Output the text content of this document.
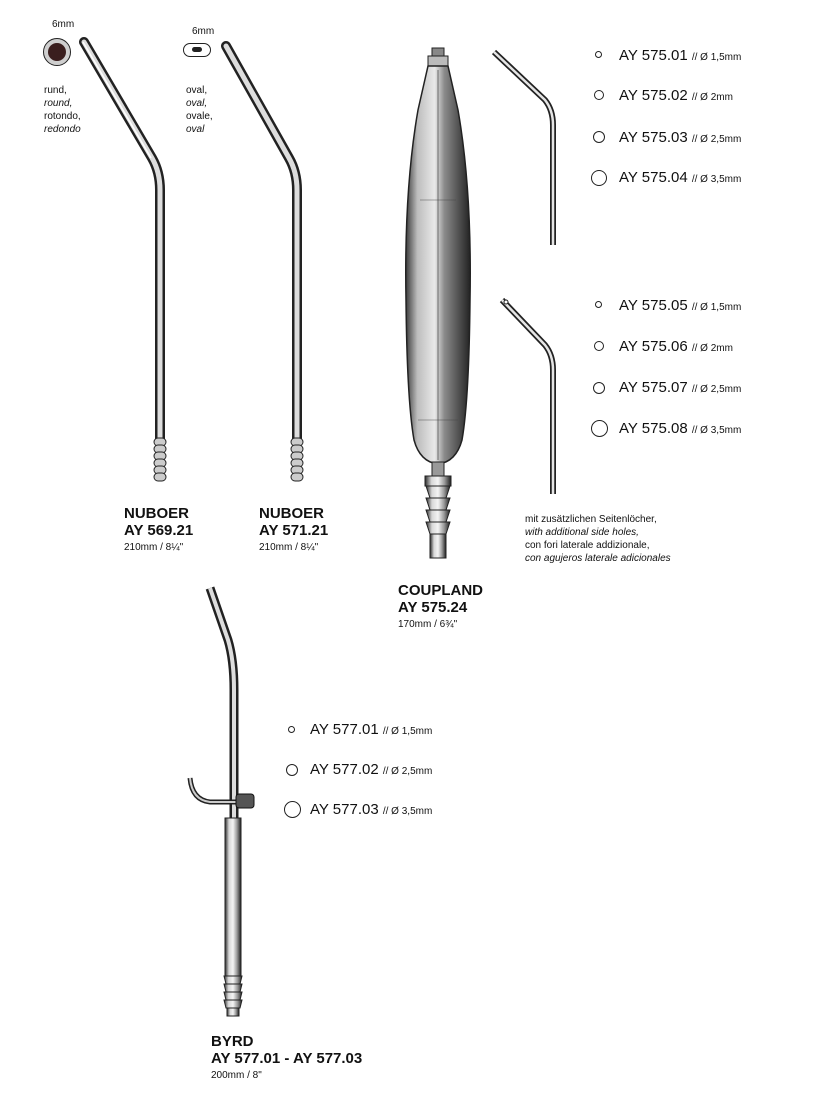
6mm
rund,
round,
rotondo,
redondo
NUBOER
AY 569.21
210mm / 8¼"
6mm
oval,
oval,
ovale,
oval
NUBOER
AY 571.21
210mm / 8¼"
COUPLAND
AY 575.24
170mm / 6¾"
AY 575.01 // Ø 1,5mm
AY 575.02 // Ø 2mm
AY 575.03 // Ø 2,5mm
AY 575.04 // Ø 3,5mm
AY 575.05 // Ø 1,5mm
AY 575.06 // Ø 2mm
AY 575.07 // Ø 2,5mm
AY 575.08 // Ø 3,5mm
mit zusätzlichen Seitenlöcher,
with additional side holes,
con fori laterale addizionale,
con agujeros laterale adicionales
AY 577.01 // Ø 1,5mm
AY 577.02 // Ø 2,5mm
AY 577.03 // Ø 3,5mm
BYRD
AY 577.01 - AY 577.03
200mm / 8"
